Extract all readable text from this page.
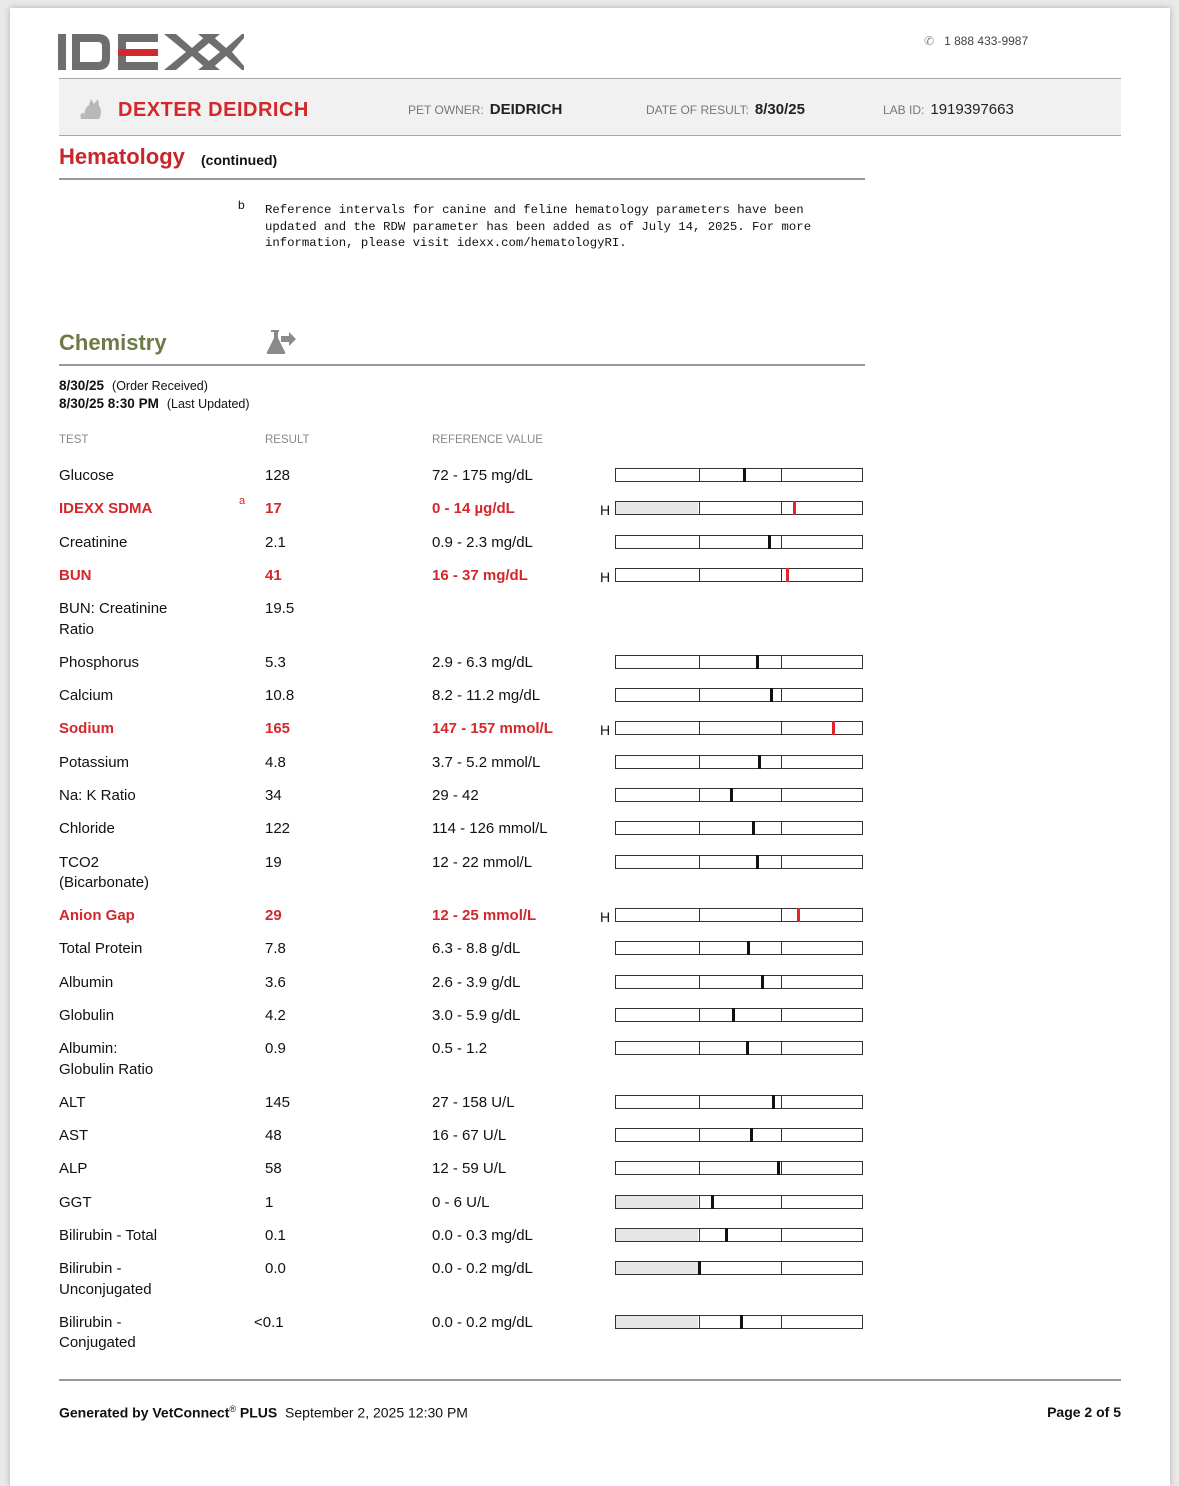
✆ 1 888 433-9987
DEXTER DEIDRICH	PET OWNER: DEIDRICH	DATE OF RESULT: 8/30/25	LAB ID: 1919397663
Hematology (continued)
b Reference intervals for canine and feline hematology parameters have been
updated and the RDW parameter has been added as of July 14, 2025. For more
information, please visit idexx.com/hematologyRI.
Chemistry
8/30/25 (Order Received)
8/30/25 8:30 PM (Last Updated)
TEST	RESULT	REFERENCE VALUE
Glucose	128	72 - 175 mg/dL
IDEXX SDMA	a 17	0 - 14 µg/dL	H
Creatinine	2.1	0.9 - 2.3 mg/dL
BUN	41	16 - 37 mg/dL	H
BUN: Creatinine
Ratio
19.5
Phosphorus	5.3	2.9 - 6.3 mg/dL
Calcium	10.8	8.2 - 11.2 mg/dL
Sodium	165	147 - 157 mmol/L	H
Potassium	4.8	3.7 - 5.2 mmol/L
Na: K Ratio	34	29 - 42
Chloride	122	114 - 126 mmol/L
TCO2
(Bicarbonate)
19	12 - 22 mmol/L
Anion Gap	29	12 - 25 mmol/L	H
Total Protein	7.8	6.3 - 8.8 g/dL
Albumin	3.6	2.6 - 3.9 g/dL
Globulin	4.2	3.0 - 5.9 g/dL
Albumin:
Globulin Ratio
0.9	0.5 - 1.2
ALT	145	27 - 158 U/L
AST	48	16 - 67 U/L
ALP	58	12 - 59 U/L
GGT	1	0 - 6 U/L
Bilirubin - Total	0.1	0.0 - 0.3 mg/dL
Bilirubin -
Unconjugated
0.0	0.0 - 0.2 mg/dL
Bilirubin -
Conjugated
<0.1	0.0 - 0.2 mg/dL
Generated by VetConnect® PLUS September 2, 2025 12:30 PM	Page 2 of 5
